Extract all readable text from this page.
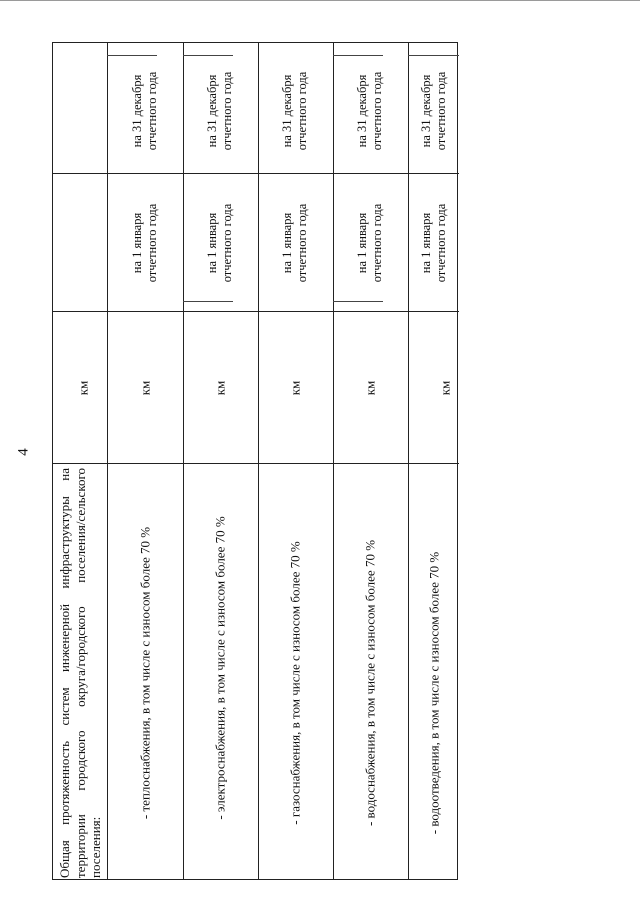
4
Общая протяженность систем инженерной инфраструктуры на территории городского округа/городского поселения/сельского поселения:
км
- теплоснабжения, в том числе с износом более 70 %
км
на 1 января отчетного года
на 31 декабря отчетного года
- электроснабжения, в том числе с износом более 70 %
км
на 1 января отчетного года
на 31 декабря отчетного года
- газоснабжения, в том числе с износом более 70 %
км
на 1 января отчетного года
на 31 декабря отчетного года
- водоснабжения, в том числе с износом более 70 %
км
на 1 января отчетного года
на 31 декабря отчетного года
- водоотведения, в том числе с износом более 70 %
км
на 1 января отчетного года
на 31 декабря отчетного года
